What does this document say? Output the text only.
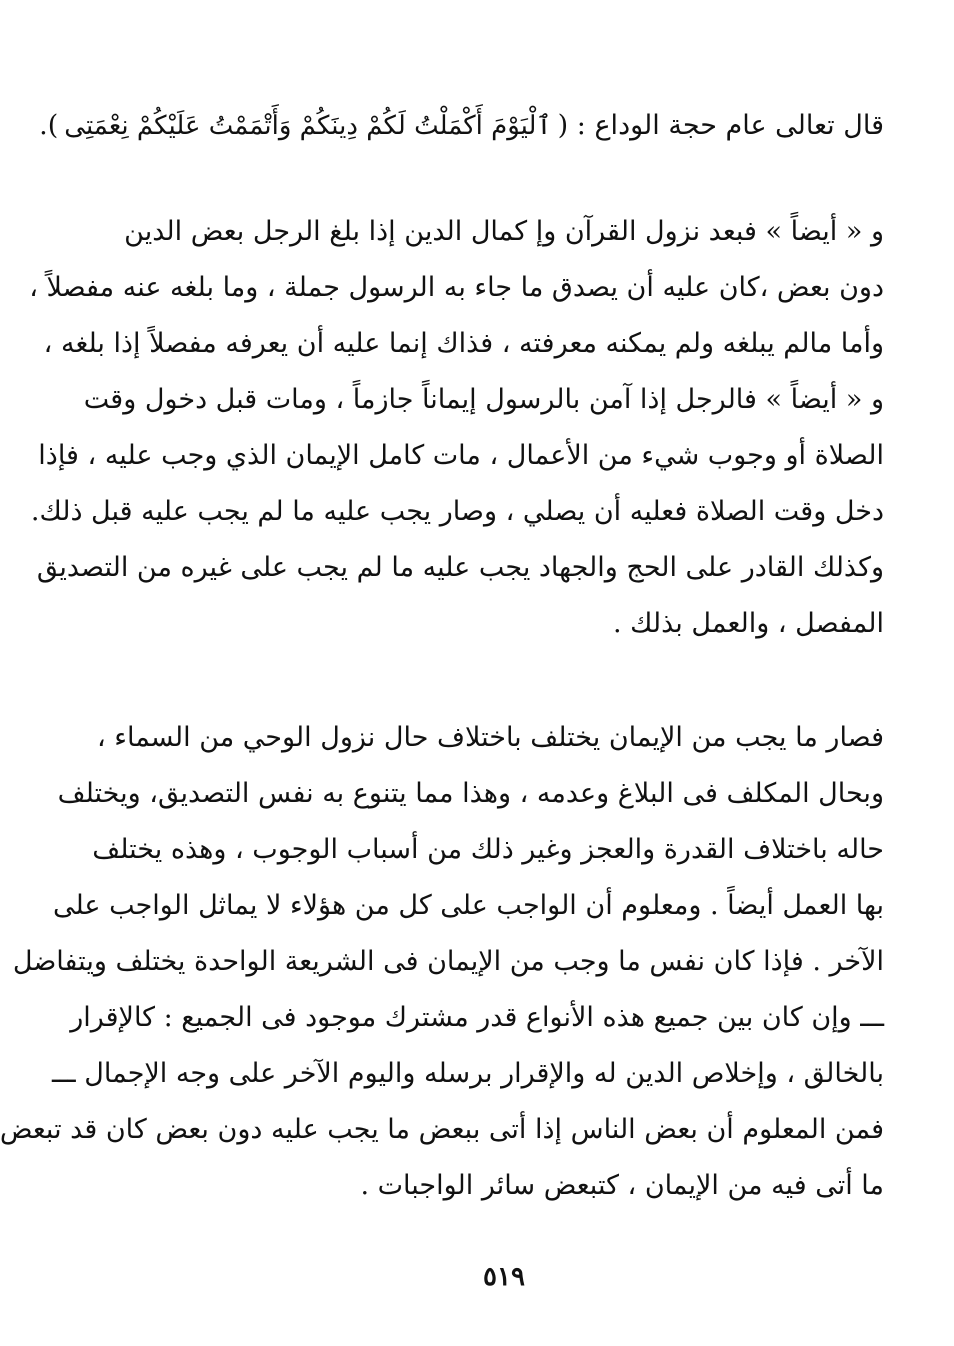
قال تعالى عام حجة الوداع : (
ٱلْيَوْمَ أَكْمَلْتُ لَكُمْ دِينَكُمْ وَأَتْمَمْتُ عَلَيْكُمْ نِعْمَتِى
).
و « أيضاً » فبعد نزول القرآن وإ كمال الدين إذا بلغ الرجل بعض الدين
دون بعض ،كان عليه أن يصدق ما جاء به الرسول جملة ، وما بلغه عنه مفصلاً ،
وأما مالم يبلغه ولم يمكنه معرفته ، فذاك إنما عليه أن يعرفه مفصلاً إذا بلغه ،
و « أيضاً » فالرجل إذا آمن بالرسول إيماناً جازماً ، ومات قبل دخول وقت
الصلاة أو وجوب شيء من الأعمال ، مات كامل الإيمان الذي وجب عليه ، فإذا
دخل وقت الصلاة فعليه أن يصلي ، وصار يجب عليه ما لم يجب عليه قبل ذلك.
وكذلك القادر على الحج والجهاد يجب عليه ما لم يجب على غيره من التصديق
المفصل ، والعمل بذلك .
فصار ما يجب من الإيمان يختلف باختلاف حال نزول الوحي من السماء ،
وبحال المكلف فى البلاغ وعدمه ، وهذا مما يتنوع به نفس التصديق، ويختلف
حاله باختلاف القدرة والعجز وغير ذلك من أسباب الوجوب ، وهذه يختلف
بها العمل أيضاً . ومعلوم أن الواجب على كل من هؤلاء لا يماثل الواجب على
الآخر . فإذا كان نفس ما وجب من الإيمان فى الشريعة الواحدة يختلف ويتفاضل
ـــ وإن كان بين جميع هذه الأنواع قدر مشترك موجود فى الجميع : كالإقرار
بالخالق ، وإخلاص الدين له والإقرار برسله واليوم الآخر على وجه الإجمال ـــ
فمن المعلوم أن بعض الناس إذا أتى ببعض ما يجب عليه دون بعض كان قد تبعض
ما أتى فيه من الإيمان ، كتبعض سائر الواجبات .
٥١٩
